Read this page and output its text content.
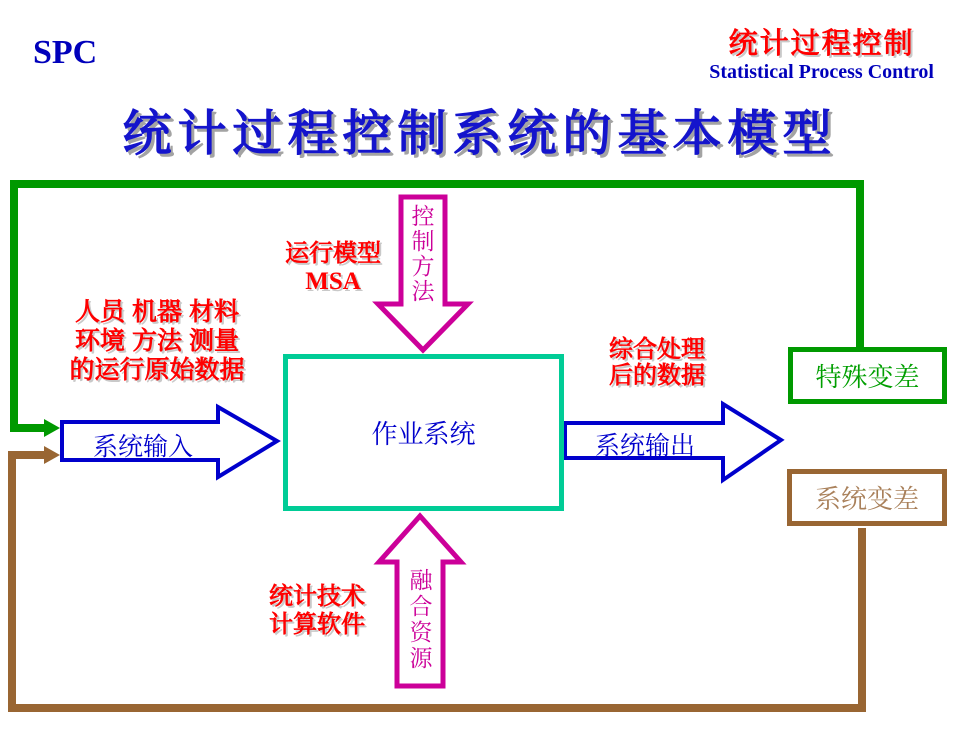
SPC	统计过程控制
Statistical Process Control
统计过程控制系统的基本模型
运行模型
MSA
人员 机器 材料
环境 方法 测量
的运行原始数据
综合处理
后的数据
统计技术
计算软件
作业系统
特殊变差
系统变差
系统输入	系统输出
控制方法
融合资源
